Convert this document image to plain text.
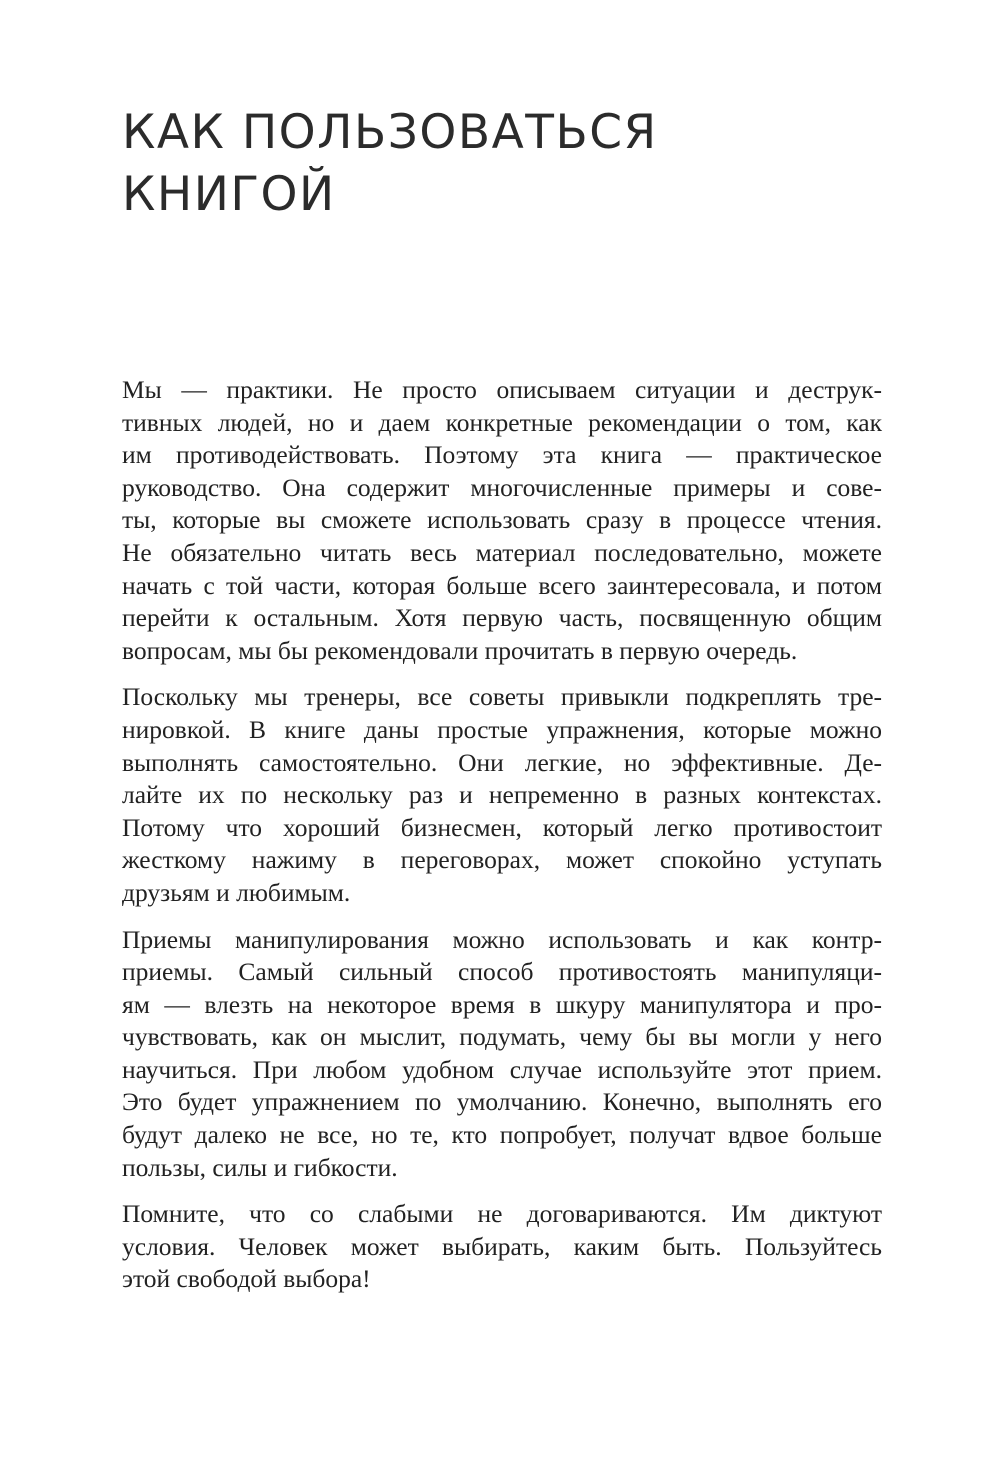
КАК ПОЛЬЗОВАТЬСЯ
КНИГОЙ

Мы — практики. Не просто описываем ситуации и деструк-
тивных людей, но и даем конкретные рекомендации о том, как
им противодействовать. Поэтому эта книга — практическое
руководство. Она содержит многочисленные примеры и сове-
ты, которые вы сможете использовать сразу в процессе чтения.
Не обязательно читать весь материал последовательно, можете
начать с той части, которая больше всего заинтересовала, и потом
перейти к остальным. Хотя первую часть, посвященную общим
вопросам, мы бы рекомендовали прочитать в первую очередь.

Поскольку мы тренеры, все советы привыкли подкреплять тре-
нировкой. В книге даны простые упражнения, которые можно
выполнять самостоятельно. Они легкие, но эффективные. Де-
лайте их по нескольку раз и непременно в разных контекстах.
Потому что хороший бизнесмен, который легко противостоит
жесткому нажиму в переговорах, может спокойно уступать
друзьям и любимым.

Приемы манипулирования можно использовать и как контр-
приемы. Самый сильный способ противостоять манипуляци-
ям — влезть на некоторое время в шкуру манипулятора и про-
чувствовать, как он мыслит, подумать, чему бы вы могли у него
научиться. При любом удобном случае используйте этот прием.
Это будет упражнением по умолчанию. Конечно, выполнять его
будут далеко не все, но те, кто попробует, получат вдвое больше
пользы, силы и гибкости.

Помните, что со слабыми не договариваются. Им диктуют
условия. Человек может выбирать, каким быть. Пользуйтесь
этой свободой выбора!
